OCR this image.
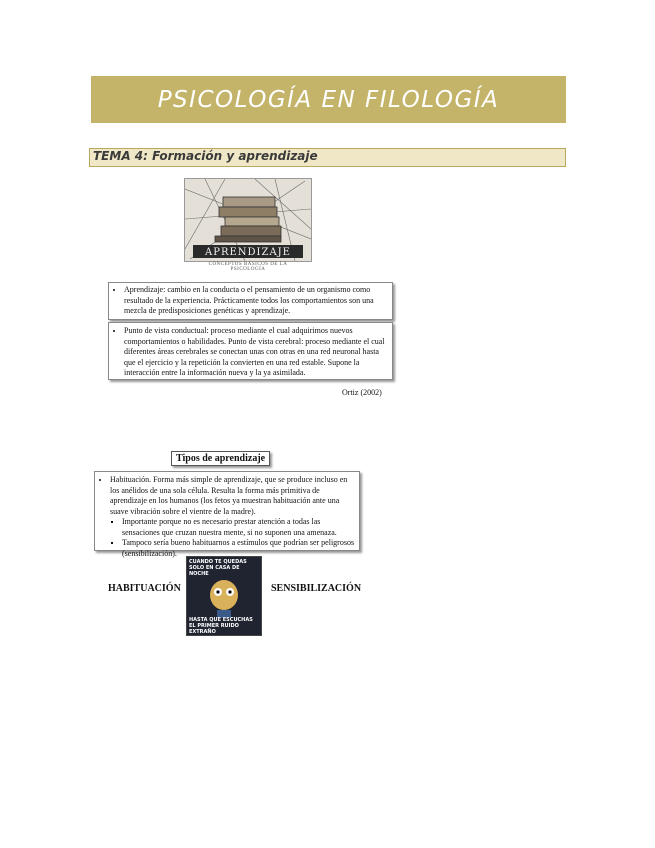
PSICOLOGÍA EN FILOLOGÍA
TEMA 4: Formación y aprendizaje
APRENDIZAJE
CONCEPTOS BÁSICOS DE LA PSICOLOGÍA
• Aprendizaje: cambio en la conducta o el pensamiento de un organismo como resultado de la experiencia. Prácticamente todos los comportamientos son una mezcla de predisposiciones genéticas y aprendizaje.
• Punto de vista conductual: proceso mediante el cual adquirimos nuevos comportamientos o habilidades. Punto de vista cerebral: proceso mediante el cual diferentes áreas cerebrales se conectan unas con otras en una red neuronal hasta que el ejercicio y la repetición la convierten en una red estable. Supone la interacción entre la información nueva y la ya asimilada.
Ortiz (2002)
Tipos de aprendizaje
• Habituación. Forma más simple de aprendizaje, que se produce incluso en los anélidos de una sola célula. Resulta la forma más primitiva de aprendizaje en los humanos (los fetos ya muestran habituación ante una suave vibración sobre el vientre de la madre).
▪ Importante porque no es necesario prestar atención a todas las sensaciones que cruzan nuestra mente, si no suponen una amenaza.
▪ Tampoco sería bueno habituarnos a estímulos que podrían ser peligrosos (sensibilización).
HABITUACIÓN	SENSIBILIZACIÓN
CUANDO TE QUEDAS SOLO EN CASA DE NOCHE
HASTA QUE ESCUCHAS EL PRIMER RUIDO EXTRAÑO
